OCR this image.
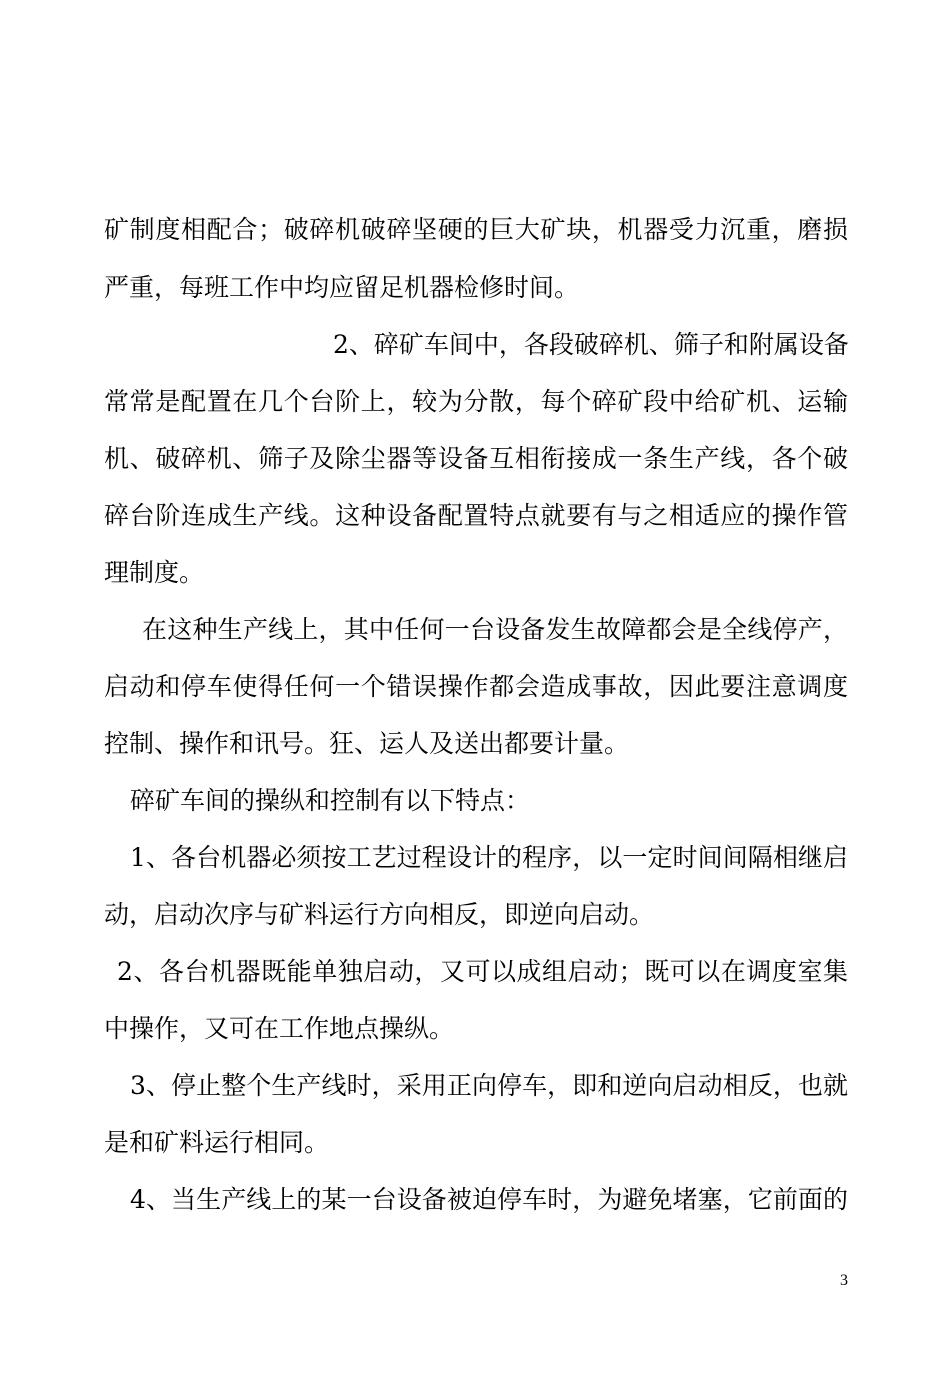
矿制度相配合；破碎机破碎坚硬的巨大矿块，机器受力沉重，磨损
严重，每班工作中均应留足机器检修时间。
2、碎矿车间中，各段破碎机、筛子和附属设备
常常是配置在几个台阶上，较为分散，每个碎矿段中给矿机、运输
机、破碎机、筛子及除尘器等设备互相衔接成一条生产线，各个破
碎台阶连成生产线。这种设备配置特点就要有与之相适应的操作管
理制度。
在这种生产线上，其中任何一台设备发生故障都会是全线停产，
启动和停车使得任何一个错误操作都会造成事故，因此要注意调度
控制、操作和讯号。狂、运人及送出都要计量。
碎矿车间的操纵和控制有以下特点：
1、各台机器必须按工艺过程设计的程序，以一定时间间隔相继启
动，启动次序与矿料运行方向相反，即逆向启动。
2、各台机器既能单独启动，又可以成组启动；既可以在调度室集
中操作，又可在工作地点操纵。
3、停止整个生产线时，采用正向停车，即和逆向启动相反，也就
是和矿料运行相同。
4、当生产线上的某一台设备被迫停车时，为避免堵塞，它前面的
3
